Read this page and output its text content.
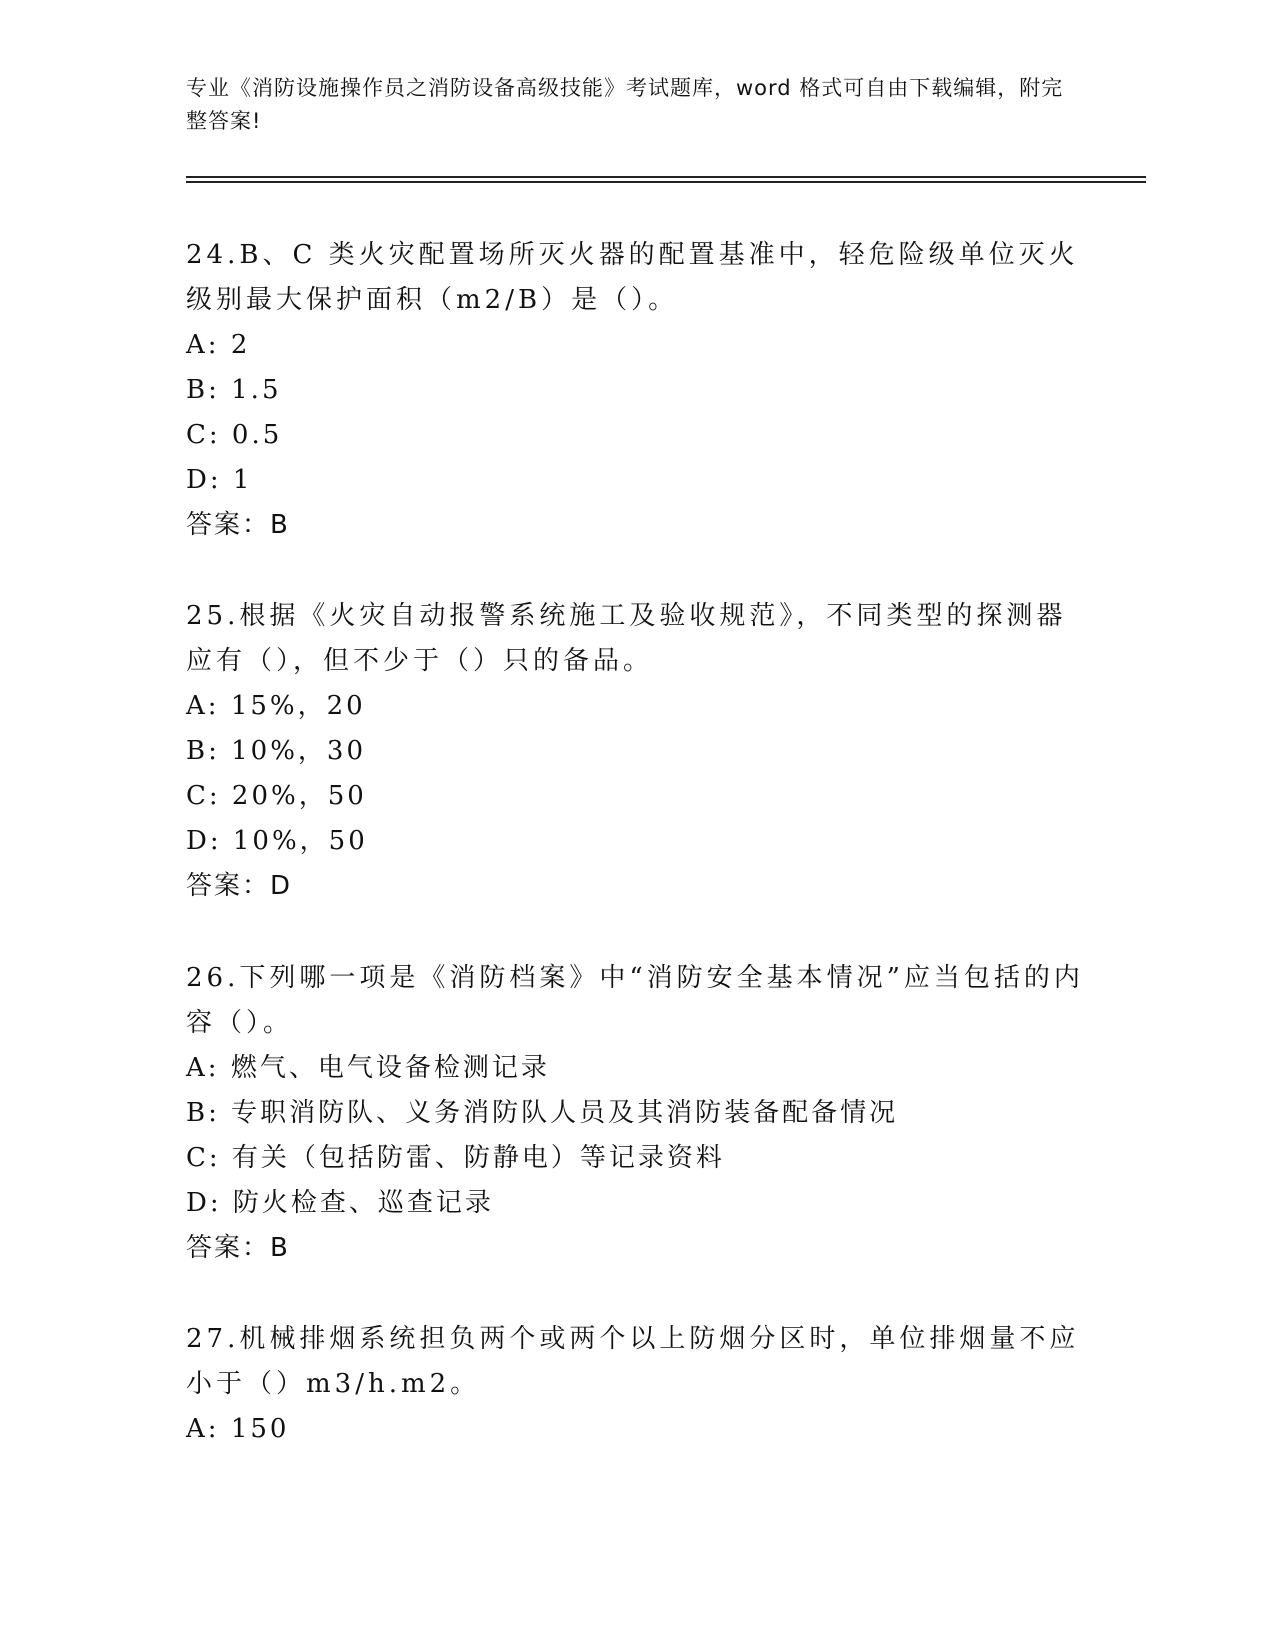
专业《消防设施操作员之消防设备高级技能》考试题库，word 格式可自由下载编辑，附完整答案!

24.B、C 类火灾配置场所灭火器的配置基准中，轻危险级单位灭火级别最大保护面积（m2/B）是（）。

A: 2

B: 1.5

C: 0.5

D: 1

答案：B

25.根据《火灾自动报警系统施工及验收规范》，不同类型的探测器应有（），但不少于（）只的备品。

A: 15%，20

B: 10%，30

C: 20%，50

D: 10%，50

答案：D

26.下列哪一项是《消防档案》中“消防安全基本情况”应当包括的内容（）。

A: 燃气、电气设备检测记录

B: 专职消防队、义务消防队人员及其消防装备配备情况

C: 有关（包括防雷、防静电）等记录资料

D: 防火检查、巡查记录

答案：B

27.机械排烟系统担负两个或两个以上防烟分区时，单位排烟量不应小于（）m3/h.m2。

A: 150
